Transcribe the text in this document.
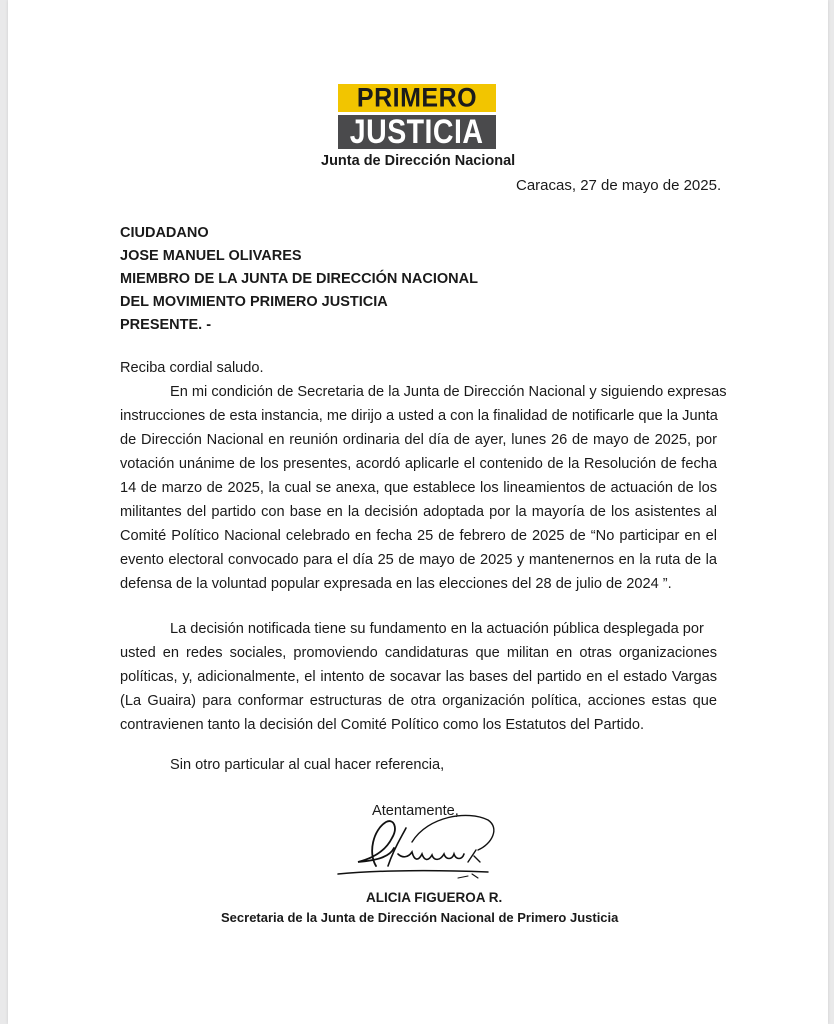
PRIMERO
JUSTICIA
Junta de Dirección Nacional
Caracas, 27 de mayo de 2025.
CIUDADANO
JOSE MANUEL OLIVARES
MIEMBRO DE LA JUNTA DE DIRECCIÓN NACIONAL
DEL MOVIMIENTO PRIMERO JUSTICIA
PRESENTE. -
Reciba cordial saludo.
En mi condición de Secretaria de la Junta de Dirección Nacional y siguiendo expresas
instrucciones de esta instancia, me dirijo a usted a con la finalidad de notificarle que la Junta
de Dirección Nacional en reunión ordinaria del día de ayer, lunes 26 de mayo de 2025, por
votación unánime de los presentes, acordó aplicarle el contenido de la Resolución de fecha
14 de marzo de 2025, la cual se anexa, que establece los lineamientos de actuación de los
militantes del partido con base en la decisión adoptada por la mayoría de los asistentes al
Comité Político Nacional celebrado en fecha 25 de febrero de 2025 de “No participar en el
evento electoral convocado para el día 25 de mayo de 2025 y mantenernos en la ruta de la
defensa de la voluntad popular expresada en las elecciones del 28 de julio de 2024 ”.
La decisión notificada tiene su fundamento en la actuación pública desplegada por
usted en redes sociales, promoviendo candidaturas que militan en otras organizaciones
políticas, y, adicionalmente, el intento de socavar las bases del partido en el estado Vargas
(La Guaira) para conformar estructuras de otra organización política, acciones estas que
contravienen tanto la decisión del Comité Político como los Estatutos del Partido.
Sin otro particular al cual hacer referencia,
Atentamente,
ALICIA FIGUEROA R.
Secretaria de la Junta de Dirección Nacional de Primero Justicia
